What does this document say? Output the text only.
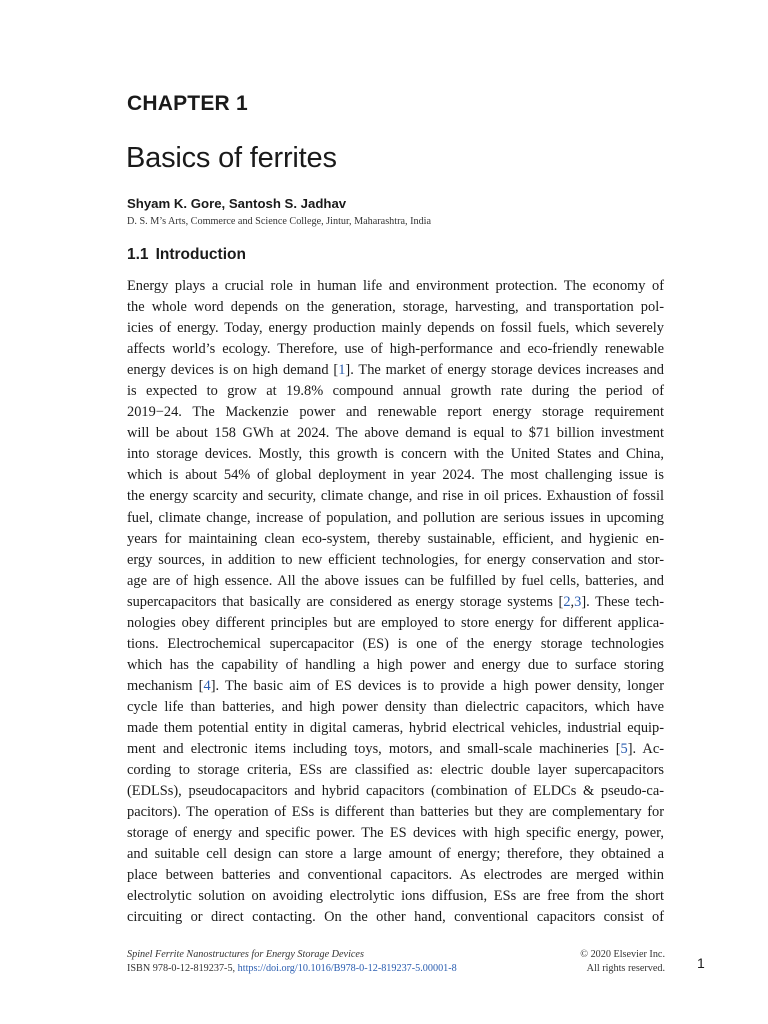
CHAPTER 1
Basics of ferrites
Shyam K. Gore, Santosh S. Jadhav
D. S. M’s Arts, Commerce and Science College, Jintur, Maharashtra, India
1.1 Introduction
Energy plays a crucial role in human life and environment protection. The economy of
the whole word depends on the generation, storage, harvesting, and transportation pol-
icies of energy. Today, energy production mainly depends on fossil fuels, which severely
affects world’s ecology. Therefore, use of high-performance and eco-friendly renewable
energy devices is on high demand [1]. The market of energy storage devices increases and
is expected to grow at 19.8% compound annual growth rate during the period of
2019−24. The Mackenzie power and renewable report energy storage requirement
will be about 158 GWh at 2024. The above demand is equal to $71 billion investment
into storage devices. Mostly, this growth is concern with the United States and China,
which is about 54% of global deployment in year 2024. The most challenging issue is
the energy scarcity and security, climate change, and rise in oil prices. Exhaustion of fossil
fuel, climate change, increase of population, and pollution are serious issues in upcoming
years for maintaining clean eco-system, thereby sustainable, efficient, and hygienic en-
ergy sources, in addition to new efficient technologies, for energy conservation and stor-
age are of high essence. All the above issues can be fulfilled by fuel cells, batteries, and
supercapacitors that basically are considered as energy storage systems [2,3]. These tech-
nologies obey different principles but are employed to store energy for different applica-
tions. Electrochemical supercapacitor (ES) is one of the energy storage technologies
which has the capability of handling a high power and energy due to surface storing
mechanism [4]. The basic aim of ES devices is to provide a high power density, longer
cycle life than batteries, and high power density than dielectric capacitors, which have
made them potential entity in digital cameras, hybrid electrical vehicles, industrial equip-
ment and electronic items including toys, motors, and small-scale machineries [5]. Ac-
cording to storage criteria, ESs are classified as: electric double layer supercapacitors
(EDLSs), pseudocapacitors and hybrid capacitors (combination of ELDCs & pseudo-ca-
pacitors). The operation of ESs is different than batteries but they are complementary for
storage of energy and specific power. The ES devices with high specific energy, power,
and suitable cell design can store a large amount of energy; therefore, they obtained a
place between batteries and conventional capacitors. As electrodes are merged within
electrolytic solution on avoiding electrolytic ions diffusion, ESs are free from the short
circuiting or direct contacting. On the other hand, conventional capacitors consist of
Spinel Ferrite Nanostructures for Energy Storage Devices
ISBN 978-0-12-819237-5, https://doi.org/10.1016/B978-0-12-819237-5.00001-8
© 2020 Elsevier Inc.
All rights reserved. 1
